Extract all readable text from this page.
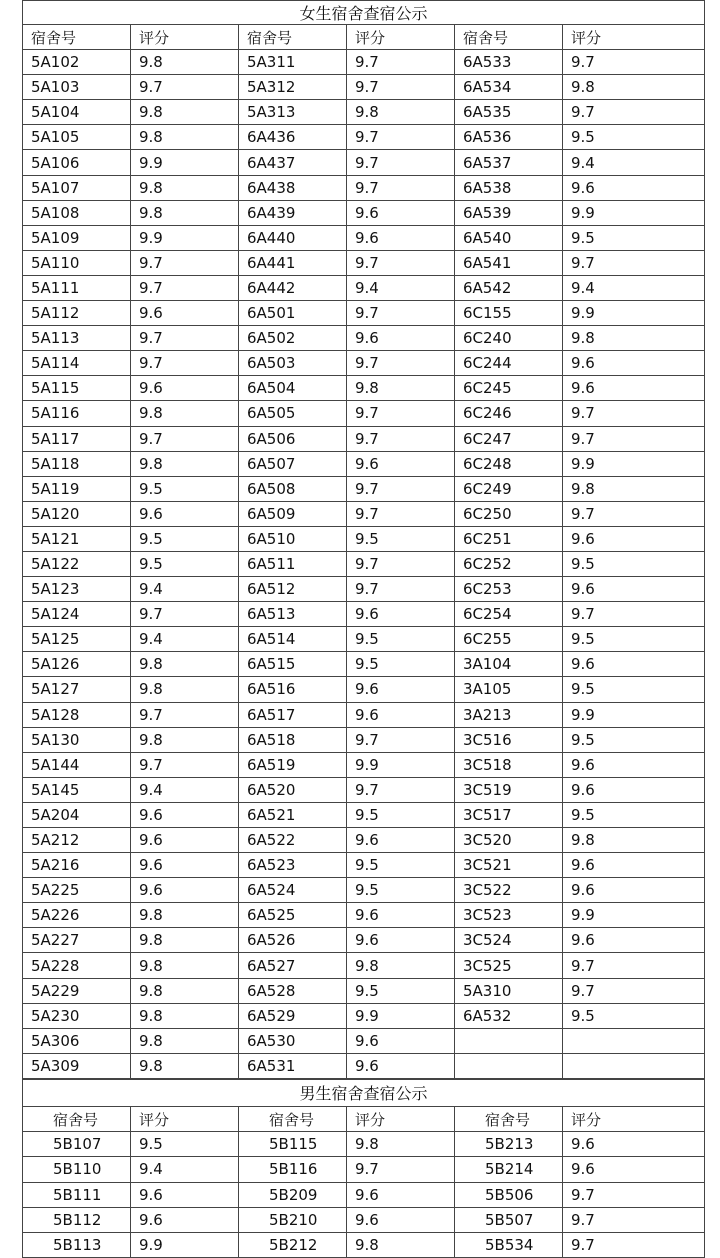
女生宿舍查宿公示					
宿舍号	评分	宿舍号	评分	宿舍号	评分
5A102	9.8	5A311	9.7	6A533	9.7
5A103	9.7	5A312	9.7	6A534	9.8
5A104	9.8	5A313	9.8	6A535	9.7
5A105	9.8	6A436	9.7	6A536	9.5
5A106	9.9	6A437	9.7	6A537	9.4
5A107	9.8	6A438	9.7	6A538	9.6
5A108	9.8	6A439	9.6	6A539	9.9
5A109	9.9	6A440	9.6	6A540	9.5
5A110	9.7	6A441	9.7	6A541	9.7
5A111	9.7	6A442	9.4	6A542	9.4
5A112	9.6	6A501	9.7	6C155	9.9
5A113	9.7	6A502	9.6	6C240	9.8
5A114	9.7	6A503	9.7	6C244	9.6
5A115	9.6	6A504	9.8	6C245	9.6
5A116	9.8	6A505	9.7	6C246	9.7
5A117	9.7	6A506	9.7	6C247	9.7
5A118	9.8	6A507	9.6	6C248	9.9
5A119	9.5	6A508	9.7	6C249	9.8
5A120	9.6	6A509	9.7	6C250	9.7
5A121	9.5	6A510	9.5	6C251	9.6
5A122	9.5	6A511	9.7	6C252	9.5
5A123	9.4	6A512	9.7	6C253	9.6
5A124	9.7	6A513	9.6	6C254	9.7
5A125	9.4	6A514	9.5	6C255	9.5
5A126	9.8	6A515	9.5	3A104	9.6
5A127	9.8	6A516	9.6	3A105	9.5
5A128	9.7	6A517	9.6	3A213	9.9
5A130	9.8	6A518	9.7	3C516	9.5
5A144	9.7	6A519	9.9	3C518	9.6
5A145	9.4	6A520	9.7	3C519	9.6
5A204	9.6	6A521	9.5	3C517	9.5
5A212	9.6	6A522	9.6	3C520	9.8
5A216	9.6	6A523	9.5	3C521	9.6
5A225	9.6	6A524	9.5	3C522	9.6
5A226	9.8	6A525	9.6	3C523	9.9
5A227	9.8	6A526	9.6	3C524	9.6
5A228	9.8	6A527	9.8	3C525	9.7
5A229	9.8	6A528	9.5	5A310	9.7
5A230	9.8	6A529	9.9	6A532	9.5
5A306	9.8	6A530	9.6		
5A309	9.8	6A531	9.6		
男生宿舍查宿公示					
宿舍号	评分	宿舍号	评分	宿舍号	评分
5B107	9.5	5B115	9.8	5B213	9.6
5B110	9.4	5B116	9.7	5B214	9.6
5B111	9.6	5B209	9.6	5B506	9.7
5B112	9.6	5B210	9.6	5B507	9.7
5B113	9.9	5B212	9.8	5B534	9.7
